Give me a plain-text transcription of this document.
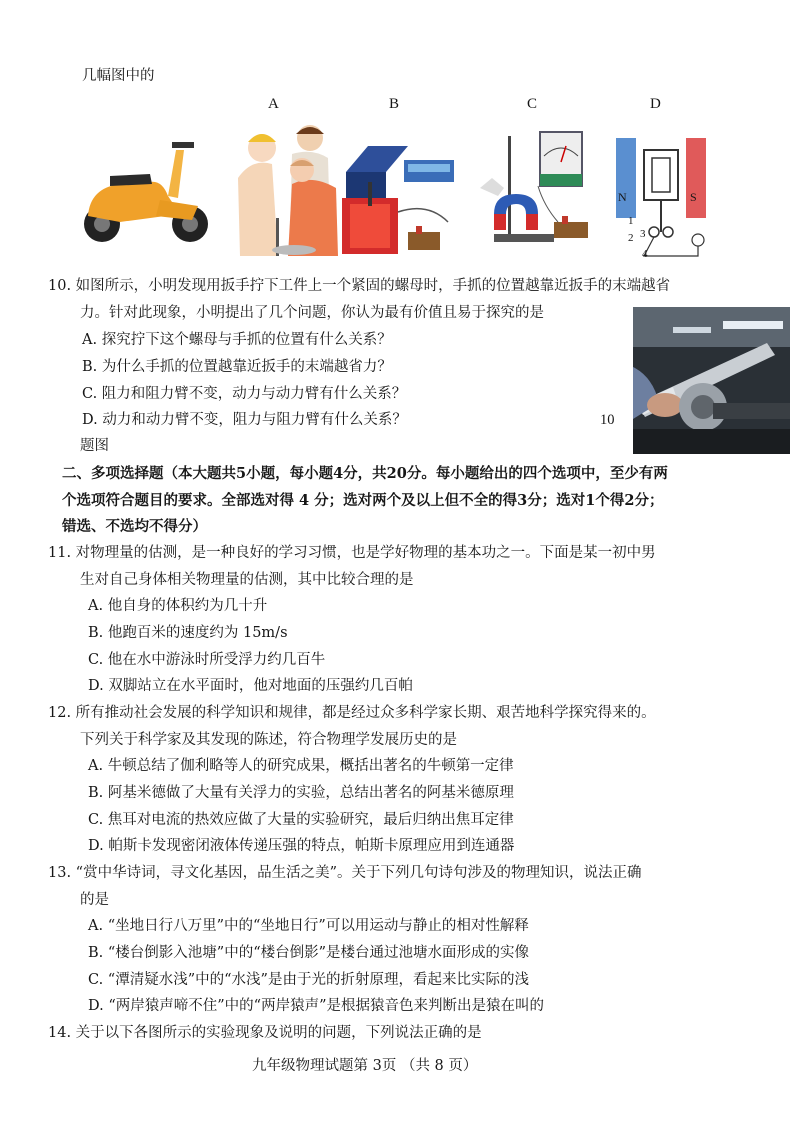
几幅图中的
A	B	C	D
N	S
1
2 3
4
10. 如图所示，小明发现用扳手拧下工件上一个紧固的螺母时，手抓的位置越靠近扳手的末端越省
力。针对此现象，小明提出了几个问题，你认为最有价值且易于探究的是
A. 探究拧下这个螺母与手抓的位置有什么关系？
B. 为什么手抓的位置越靠近扳手的末端越省力？
C. 阻力和阻力臂不变，动力与动力臂有什么关系？
D. 动力和动力臂不变，阻力与阻力臂有什么关系？	10
题图
二、多项选择题（本大题共5小题，每小题4分，共20分。每小题给出的四个选项中，至少有两
个选项符合题目的要求。全部选对得 4 分；选对两个及以上但不全的得3分；选对1个得2分；
错选、不选均不得分）
11. 对物理量的估测，是一种良好的学习习惯，也是学好物理的基本功之一。下面是某一初中男
生对自己身体相关物理量的估测，其中比较合理的是
A. 他自身的体积约为几十升
B. 他跑百米的速度约为 15m/s
C. 他在水中游泳时所受浮力约几百牛
D. 双脚站立在水平面时，他对地面的压强约几百帕
12. 所有推动社会发展的科学知识和规律，都是经过众多科学家长期、艰苦地科学探究得来的。
下列关于科学家及其发现的陈述，符合物理学发展历史的是
A. 牛顿总结了伽利略等人的研究成果，概括出著名的牛顿第一定律
B. 阿基米德做了大量有关浮力的实验，总结出著名的阿基米德原理
C. 焦耳对电流的热效应做了大量的实验研究，最后归纳出焦耳定律
D. 帕斯卡发现密闭液体传递压强的特点，帕斯卡原理应用到连通器
13. “赏中华诗词，寻文化基因，品生活之美”。关于下列几句诗句涉及的物理知识，说法正确
的是
A. “坐地日行八万里”中的“坐地日行”可以用运动与静止的相对性解释
B. “楼台倒影入池塘”中的“楼台倒影”是楼台通过池塘水面形成的实像
C. “潭清疑水浅”中的“水浅”是由于光的折射原理，看起来比实际的浅
D. “两岸猿声啼不住”中的“两岸猿声”是根据猿音色来判断出是猿在叫的
14. 关于以下各图所示的实验现象及说明的问题，下列说法正确的是
九年级物理试题第 3页 （共 8 页）
